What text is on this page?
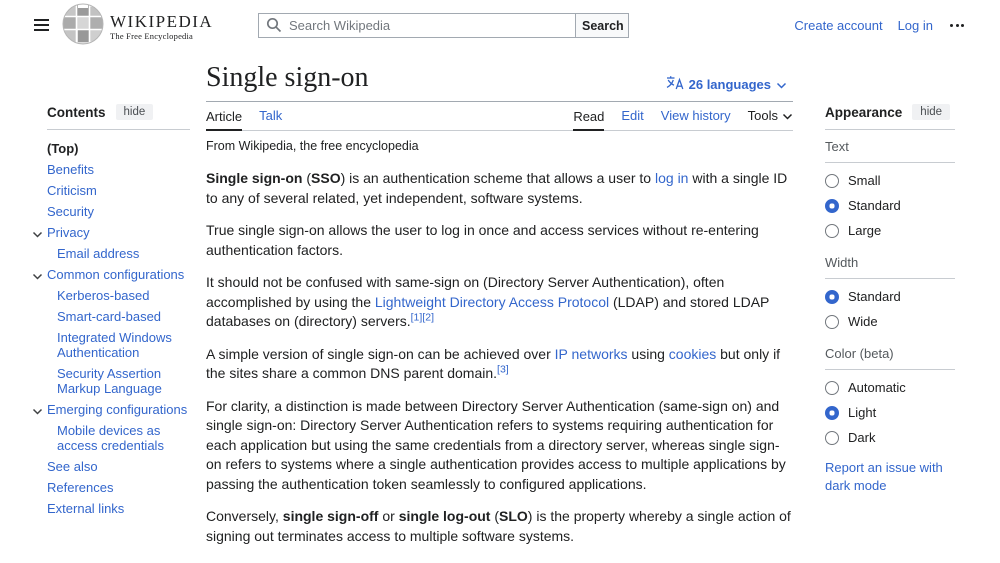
WIKIPEDIA
The Free Encyclopedia
Search Wikipedia
Search	Create account Log in
Contents	hide
(Top)
Benefits
Criticism
Security
Privacy
Email address
Common configurations
Kerberos-based
Smart-card-based
Integrated Windows Authentication
Security Assertion Markup Language
Emerging configurations
Mobile devices as access credentials
See also
References
External links
Single sign-on	26 languages
Article Talk	Read Edit View history Tools
From Wikipedia, the free encyclopedia

Single sign-on (SSO) is an authentication scheme that allows a user to log in with a single ID to any of several related, yet independent, software systems.

True single sign-on allows the user to log in once and access services without re-entering authentication factors.

It should not be confused with same-sign on (Directory Server Authentication), often accomplished by using the Lightweight Directory Access Protocol (LDAP) and stored LDAP databases on (directory) servers.[1][2]

A simple version of single sign-on can be achieved over IP networks using cookies but only if the sites share a common DNS parent domain.[3]

For clarity, a distinction is made between Directory Server Authentication (same-sign on) and single sign-on: Directory Server Authentication refers to systems requiring authentication for each application but using the same credentials from a directory server, whereas single sign-on refers to systems where a single authentication provides access to multiple applications by passing the authentication token seamlessly to configured applications.

Conversely, single sign-off or single log-out (SLO) is the property whereby a single action of signing out terminates access to multiple software systems.

Appearance	hide
Text
Small
Standard
Large
Width
Standard
Wide
Color (beta)
Automatic
Light
Dark
Report an issue with dark mode
